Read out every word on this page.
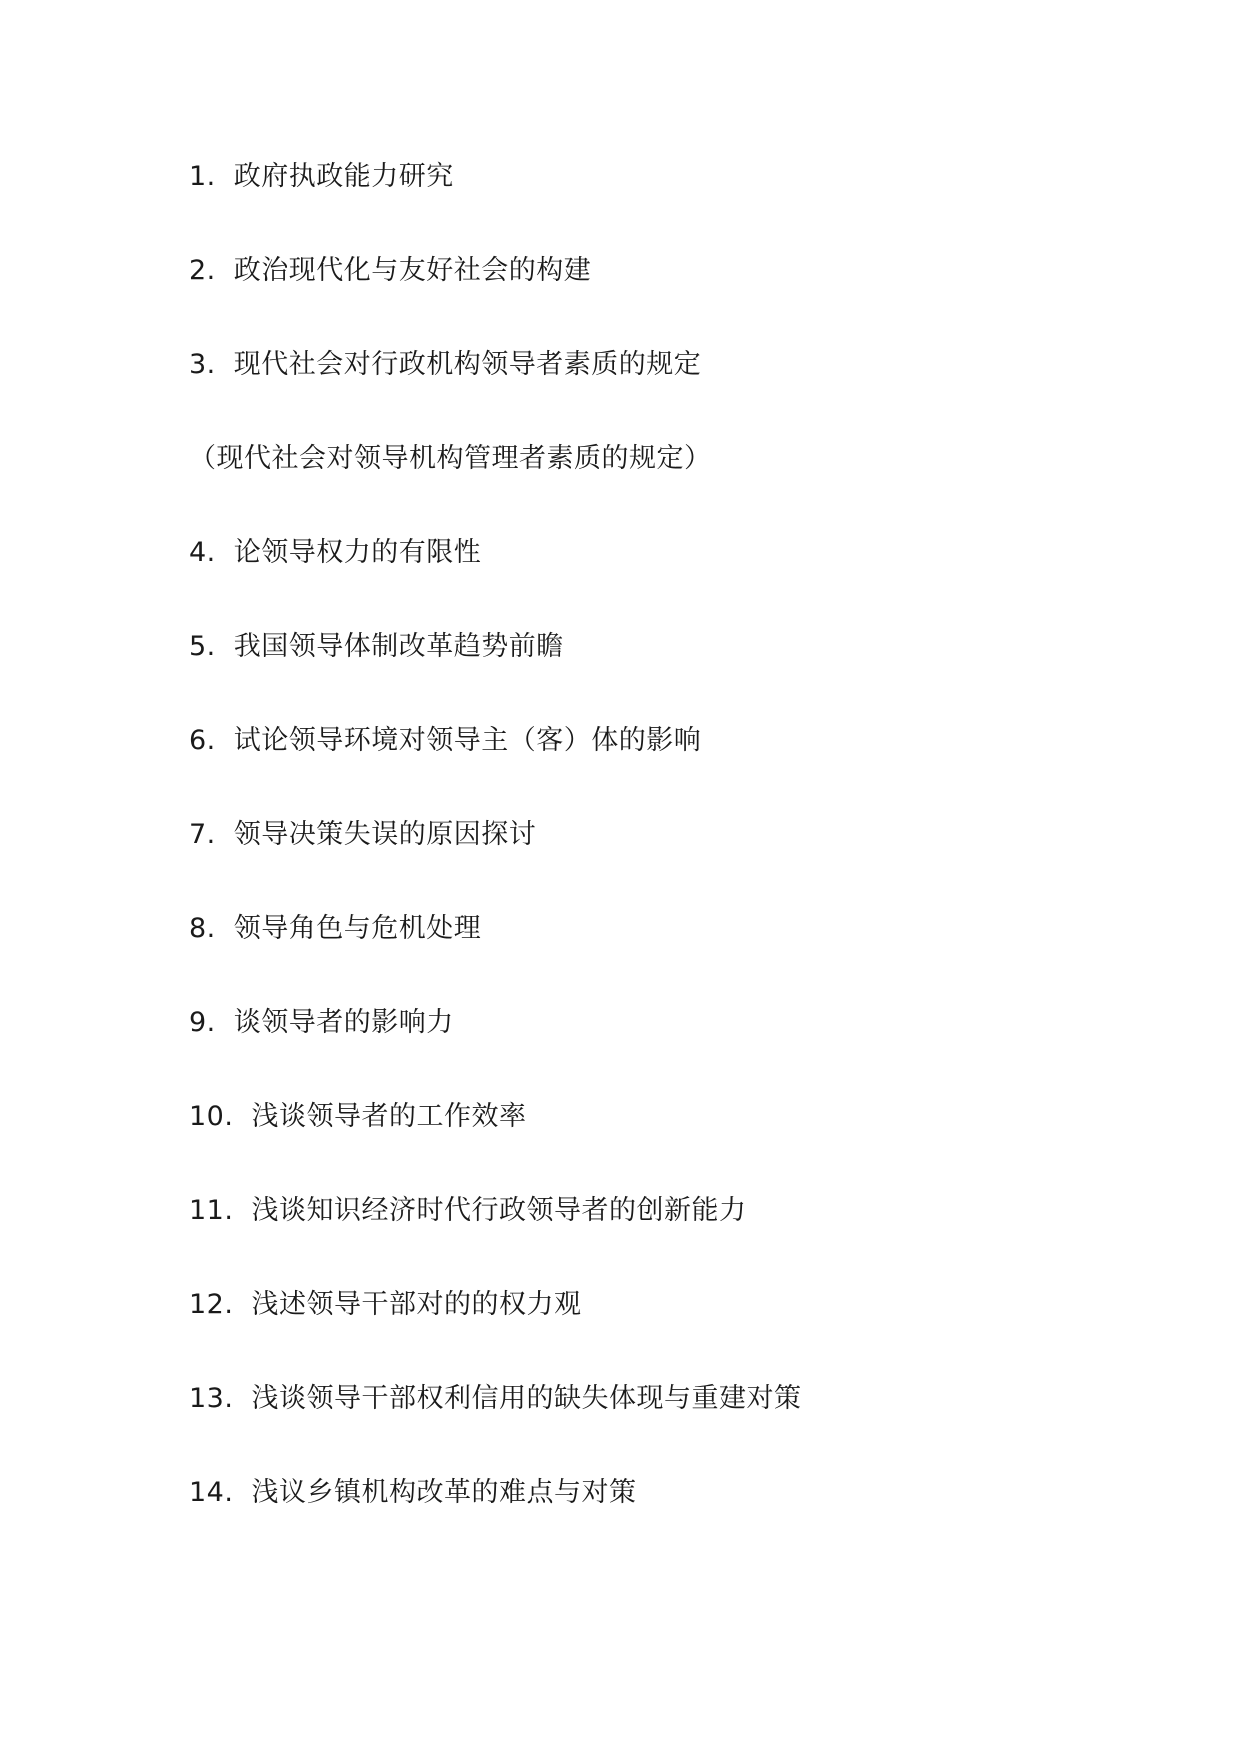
1. 政府执政能力研究
2. 政治现代化与友好社会的构建
3. 现代社会对行政机构领导者素质的规定
（现代社会对领导机构管理者素质的规定）
4. 论领导权力的有限性
5. 我国领导体制改革趋势前瞻
6. 试论领导环境对领导主（客）体的影响
7. 领导决策失误的原因探讨
8. 领导角色与危机处理
9. 谈领导者的影响力
10. 浅谈领导者的工作效率
11. 浅谈知识经济时代行政领导者的创新能力
12. 浅述领导干部对的的权力观
13. 浅谈领导干部权利信用的缺失体现与重建对策
14. 浅议乡镇机构改革的难点与对策
